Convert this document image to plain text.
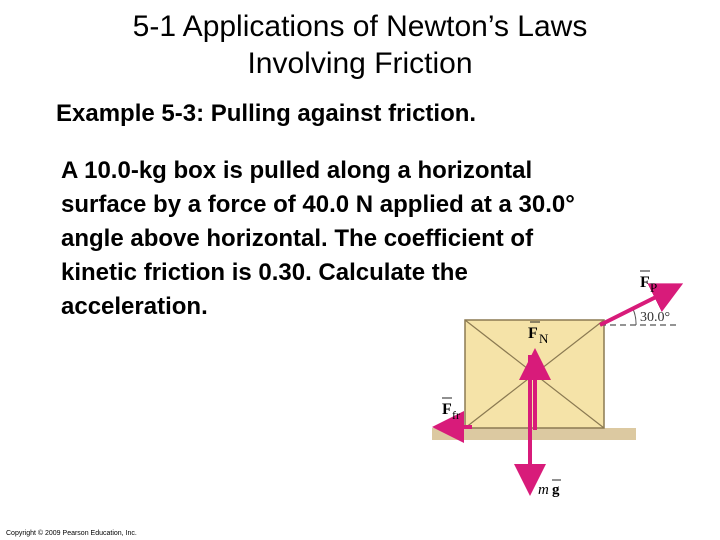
5-1 Applications of Newton’s Laws
Involving Friction
Example 5-3: Pulling against friction.
A 10.0-kg box is pulled along a horizontal
surface by a force of 40.0 N applied at a 30.0°
angle above horizontal. The coefficient of
kinetic friction is 0.30. Calculate the
acceleration.	30.0°
F P
F N
m g
F fr
Copyright © 2009 Pearson Education, Inc.
